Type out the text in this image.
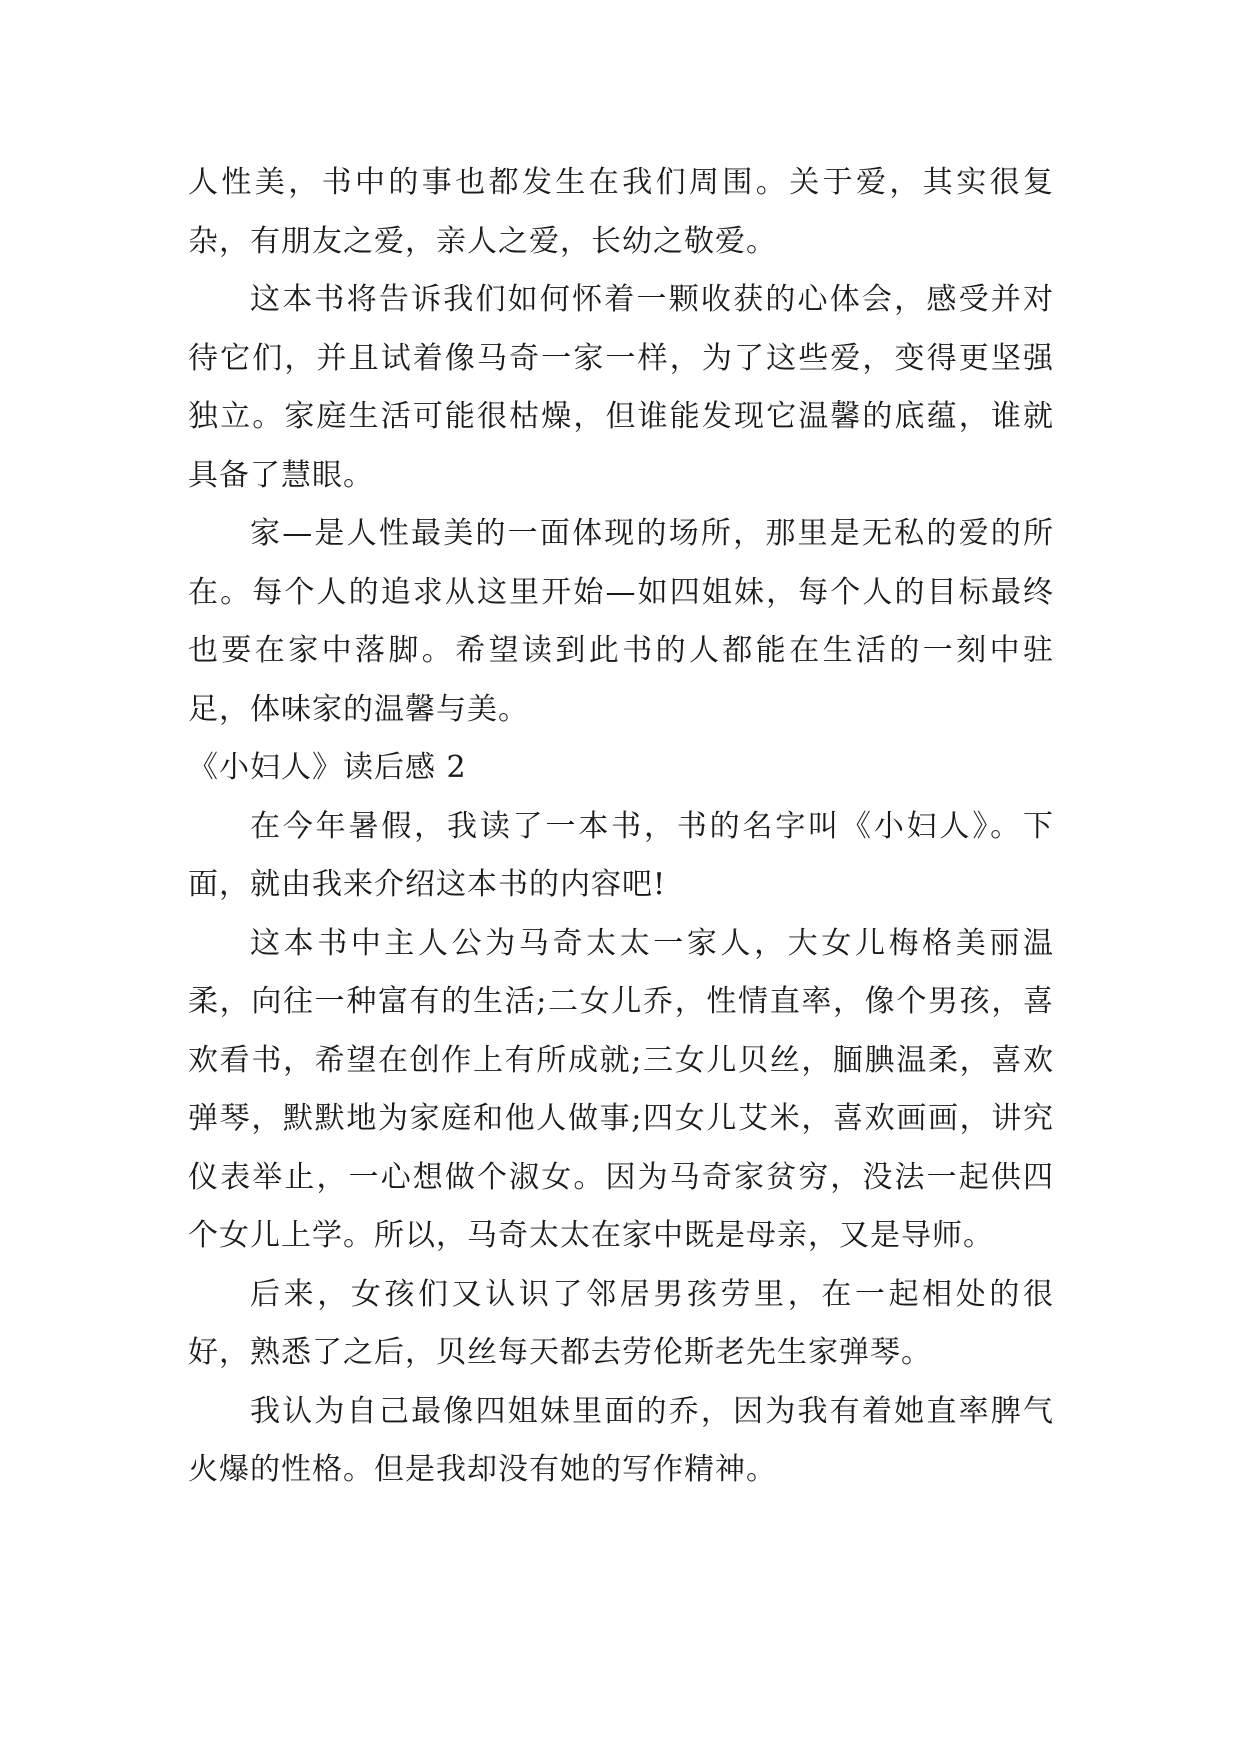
人性美，书中的事也都发生在我们周围。关于爱，其实很复杂，有朋友之爱，亲人之爱，长幼之敬爱。

这本书将告诉我们如何怀着一颗收获的心体会，感受并对待它们，并且试着像马奇一家一样，为了这些爱，变得更坚强独立。家庭生活可能很枯燥，但谁能发现它温馨的底蕴，谁就具备了慧眼。

家—是人性最美的一面体现的场所，那里是无私的爱的所在。每个人的追求从这里开始—如四姐妹，每个人的目标最终也要在家中落脚。希望读到此书的人都能在生活的一刻中驻足，体味家的温馨与美。

《小妇人》读后感 2

在今年暑假，我读了一本书，书的名字叫《小妇人》。下面，就由我来介绍这本书的内容吧!

这本书中主人公为马奇太太一家人，大女儿梅格美丽温柔，向往一种富有的生活;二女儿乔，性情直率，像个男孩，喜欢看书，希望在创作上有所成就;三女儿贝丝，腼腆温柔，喜欢弹琴，默默地为家庭和他人做事;四女儿艾米，喜欢画画，讲究仪表举止，一心想做个淑女。因为马奇家贫穷，没法一起供四个女儿上学。所以，马奇太太在家中既是母亲，又是导师。

后来，女孩们又认识了邻居男孩劳里，在一起相处的很好，熟悉了之后，贝丝每天都去劳伦斯老先生家弹琴。

我认为自己最像四姐妹里面的乔，因为我有着她直率脾气火爆的性格。但是我却没有她的写作精神。
